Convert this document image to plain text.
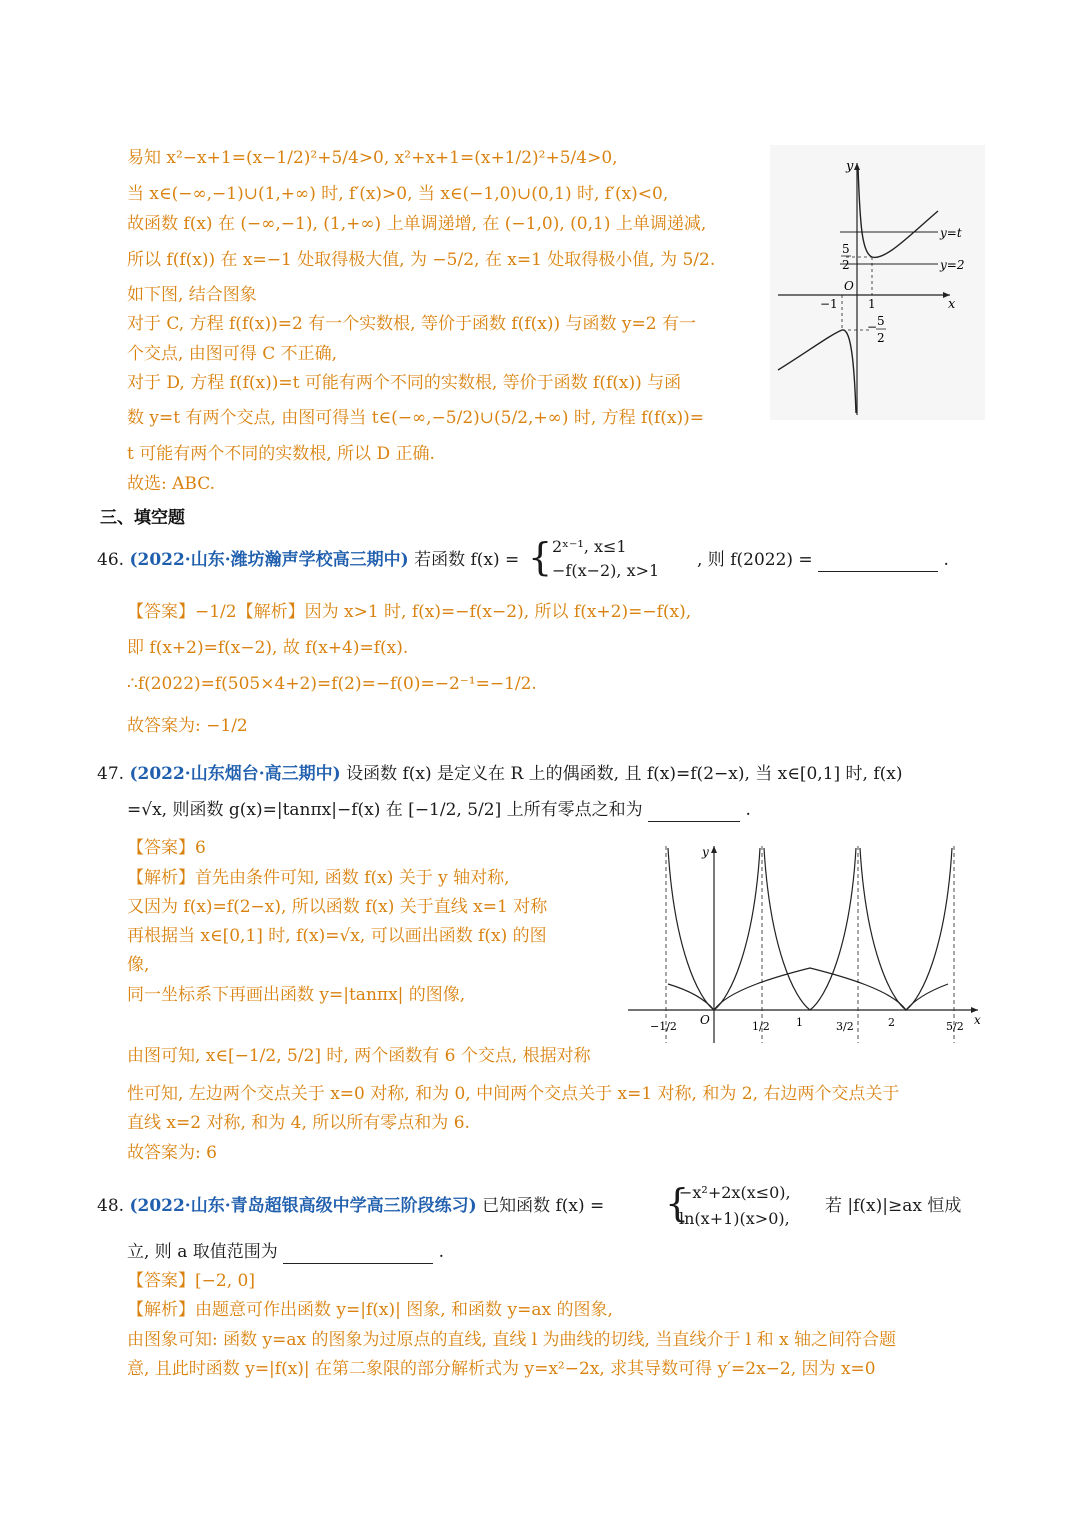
易知 x²−x+1=(x−1/2)²+5/4>0, x²+x+1=(x+1/2)²+5/4>0,
当 x∈(−∞,−1)∪(1,+∞) 时, f′(x)>0, 当 x∈(−1,0)∪(0,1) 时, f′(x)<0,
故函数 f(x) 在 (−∞,−1), (1,+∞) 上单调递增, 在 (−1,0), (0,1) 上单调递减,
所以 f(f(x)) 在 x=−1 处取得极大值, 为 −5/2, 在 x=1 处取得极小值, 为 5/2.
如下图, 结合图象
对于 C, 方程 f(f(x))=2 有一个实数根, 等价于函数 f(f(x)) 与函数 y=2 有一
个交点, 由图可得 C 不正确,
对于 D, 方程 f(f(x))=t 可能有两个不同的实数根, 等价于函数 f(f(x)) 与函
数 y=t 有两个交点, 由图可得当 t∈(−∞,−5/2)∪(5/2,+∞) 时, 方程 f(f(x))=
t 可能有两个不同的实数根, 所以 D 正确.
故选: ABC.
y
x
O
y=t
y=2
5
2
−1	1
− 5
2
三、填空题
46. (2022·山东·潍坊瀚声学校高三期中) 若函数 f(x) = { 2ˣ⁻¹, x≤1
−f(x−2), x>1
, 则 f(2022) =	.
【答案】−1/2【解析】因为 x>1 时, f(x)=−f(x−2), 所以 f(x+2)=−f(x),
即 f(x+2)=f(x−2), 故 f(x+4)=f(x).
∴f(2022)=f(505×4+2)=f(2)=−f(0)=−2⁻¹=−1/2.
故答案为: −1/2
47. (2022·山东烟台·高三期中) 设函数 f(x) 是定义在 R 上的偶函数, 且 f(x)=f(2−x), 当 x∈[0,1] 时, f(x)
=√x, 则函数 g(x)=|tanπx|−f(x) 在 [−1/2, 5/2] 上所有零点之和为	.
【答案】6
【解析】首先由条件可知, 函数 f(x) 关于 y 轴对称,
又因为 f(x)=f(2−x), 所以函数 f(x) 关于直线 x=1 对称
再根据当 x∈[0,1] 时, f(x)=√x, 可以画出函数 f(x) 的图
像,
同一坐标系下再画出函数 y=|tanπx| 的图像,
由图可知, x∈[−1/2, 5/2] 时, 两个函数有 6 个交点, 根据对称
y
x
O
−1/2	1/2 1	3/2	2	5/2
性可知, 左边两个交点关于 x=0 对称, 和为 0, 中间两个交点关于 x=1 对称, 和为 2, 右边两个交点关于
直线 x=2 对称, 和为 4, 所以所有零点和为 6.
故答案为: 6
48. (2022·山东·青岛超银高级中学高三阶段练习) 已知函数 f(x) = {
−x²+2x(x≤0),
ln(x+1)(x>0),
若 |f(x)|≥ax 恒成
立, 则 a 取值范围为	.
【答案】[−2, 0]
【解析】由题意可作出函数 y=|f(x)| 图象, 和函数 y=ax 的图象,
由图象可知: 函数 y=ax 的图象为过原点的直线, 直线 l 为曲线的切线, 当直线介于 l 和 x 轴之间符合题
意, 且此时函数 y=|f(x)| 在第二象限的部分解析式为 y=x²−2x, 求其导数可得 y′=2x−2, 因为 x=0
